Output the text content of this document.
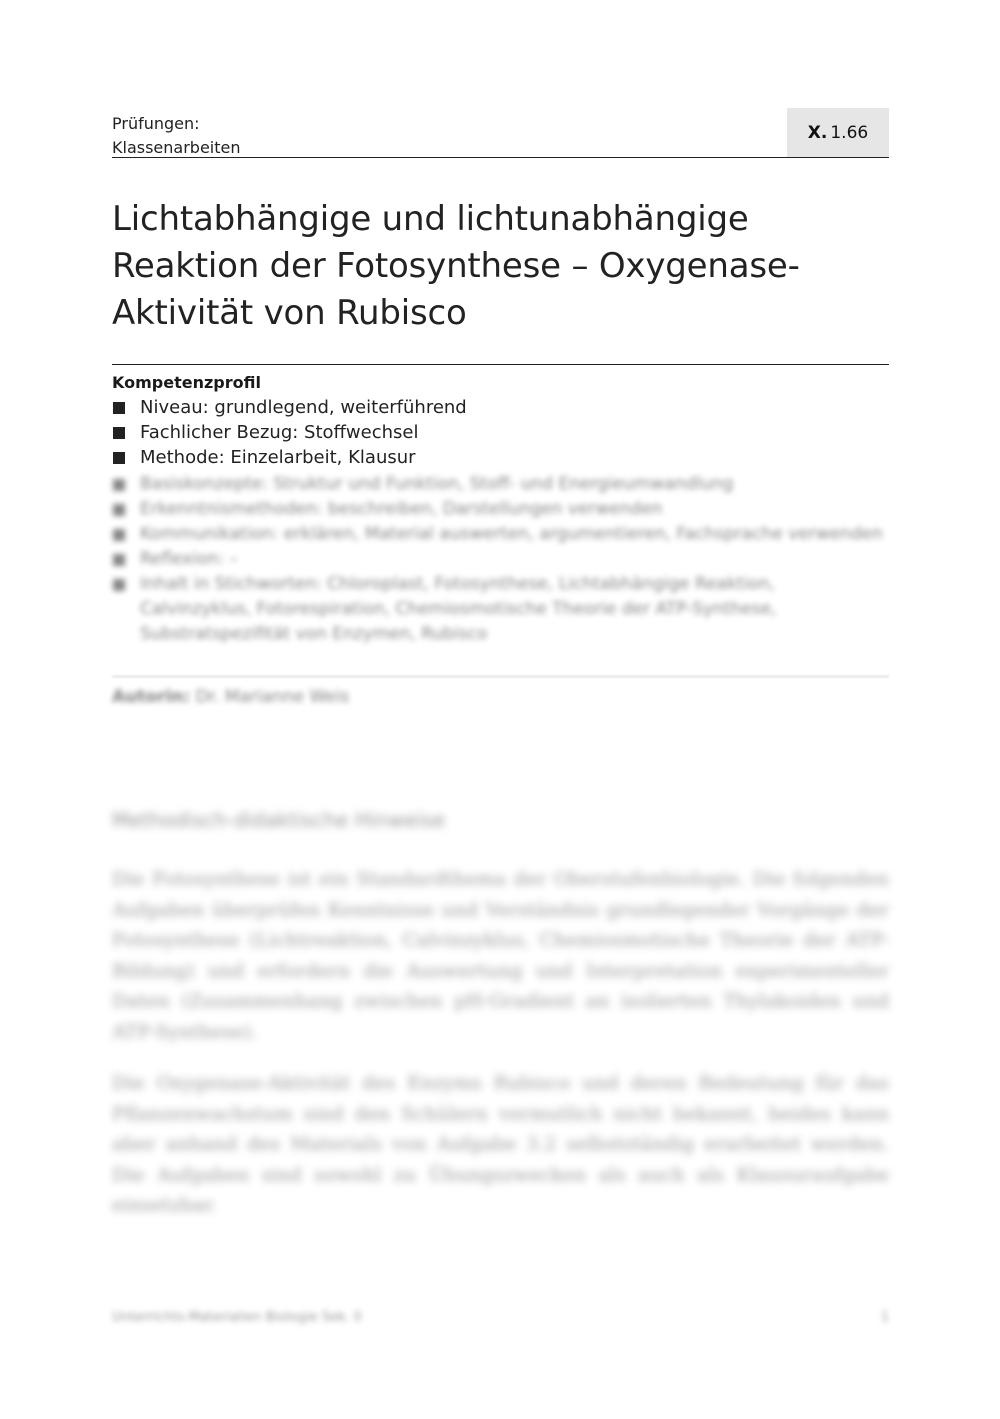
Prüfungen:
Klassenarbeiten
X. 1.66
Lichtabhängige und lichtunabhängige Reaktion der Fotosynthese – Oxygenase-Aktivität von Rubisco
Kompetenzprofil
Niveau: grundlegend, weiterführend
Fachlicher Bezug: Stoffwechsel
Methode: Einzelarbeit, Klausur
Basiskonzepte: Struktur und Funktion, Stoff- und Energieumwandlung
Erkenntnismethoden: beschreiben, Darstellungen verwenden
Kommunikation: erklären, Material auswerten, argumentieren, Fachsprache verwenden
Reflexion: –
Inhalt in Stichworten: Chloroplast, Fotosynthese, Lichtabhängige Reaktion, Calvinzyklus, Fotorespiration, Chemiosmotische Theorie der ATP-Synthese, Substratspezifität von Enzymen, Rubisco
Autorin: Dr. Marianne Weis
Methodisch-didaktische Hinweise

Die Fotosynthese ist ein Standardthema der Oberstufenbiologie. Die folgenden Aufgaben überprüfen Kenntnisse und Verständnis grundlegender Vorgänge der Fotosynthese (Lichtreaktion, Calvinzyklus, Chemiosmotische Theorie der ATP-Bildung) und erfordern die Auswertung und Interpretation experimenteller Daten (Zusammenhang zwischen pH-Gradient an isolierten Thylakoiden und ATP-Synthese).

Die Oxygenase-Aktivität des Enzyms Rubisco und deren Bedeutung für das Pflanzenwachstum sind den Schülern vermutlich nicht bekannt, beides kann aber anhand des Materials von Aufgabe 3.2 selbstständig erarbeitet werden. Die Aufgaben sind sowohl zu Übungszwecken als auch als Klausuraufgabe einsetzbar.

Unterrichts-Materialien Biologie Sek. II	1
